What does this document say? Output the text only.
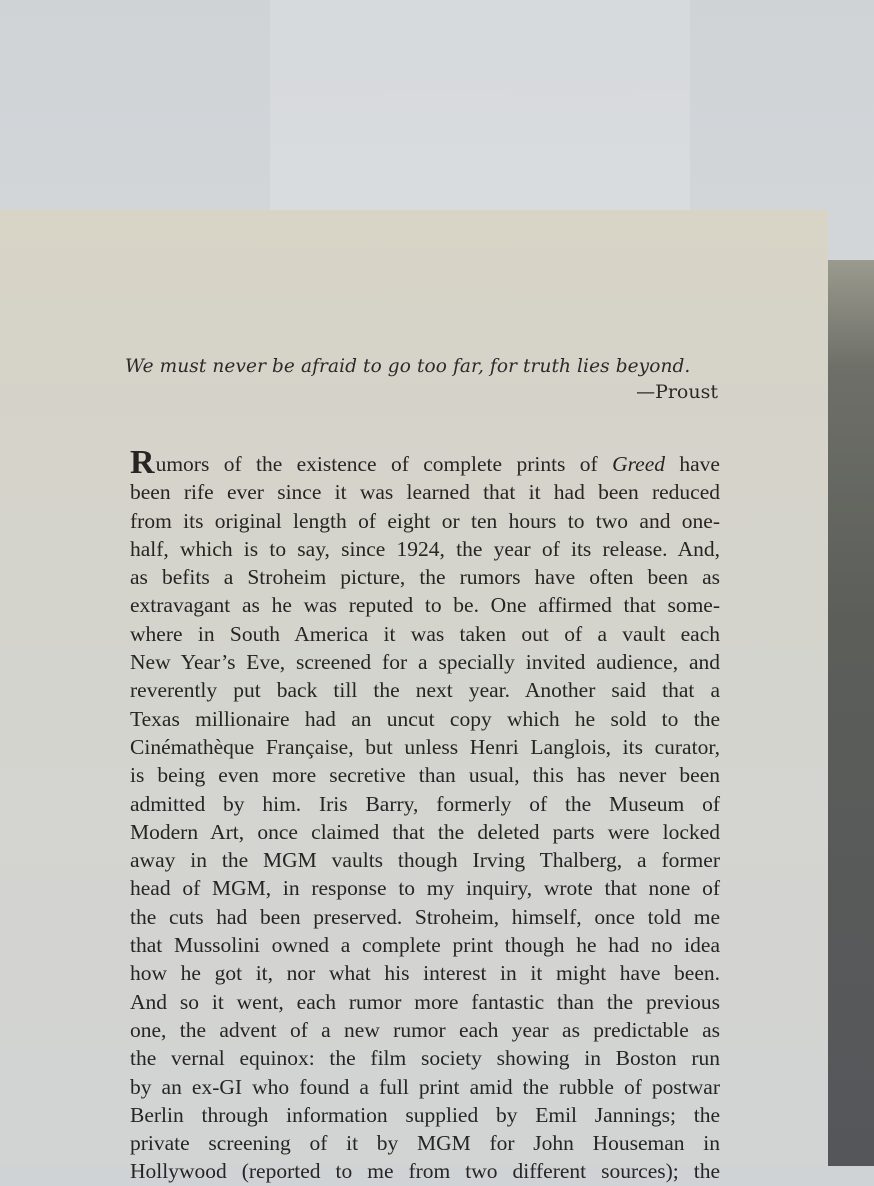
We must never be afraid to go too far, for truth lies beyond.
—Proust
Rumors of the existence of complete prints of Greed have
been rife ever since it was learned that it had been reduced
from its original length of eight or ten hours to two and one-
half, which is to say, since 1924, the year of its release. And,
as befits a Stroheim picture, the rumors have often been as
extravagant as he was reputed to be. One affirmed that some-
where in South America it was taken out of a vault each
New Year’s Eve, screened for a specially invited audience, and
reverently put back till the next year. Another said that a
Texas millionaire had an uncut copy which he sold to the
Cinémathèque Française, but unless Henri Langlois, its curator,
is being even more secretive than usual, this has never been
admitted by him. Iris Barry, formerly of the Museum of
Modern Art, once claimed that the deleted parts were locked
away in the MGM vaults though Irving Thalberg, a former
head of MGM, in response to my inquiry, wrote that none of
the cuts had been preserved. Stroheim, himself, once told me
that Mussolini owned a complete print though he had no idea
how he got it, nor what his interest in it might have been.
And so it went, each rumor more fantastic than the previous
one, the advent of a new rumor each year as predictable as
the vernal equinox: the film society showing in Boston run
by an ex-GI who found a full print amid the rubble of postwar
Berlin through information supplied by Emil Jannings; the
private screening of it by MGM for John Houseman in
Hollywood (reported to me from two different sources); the
